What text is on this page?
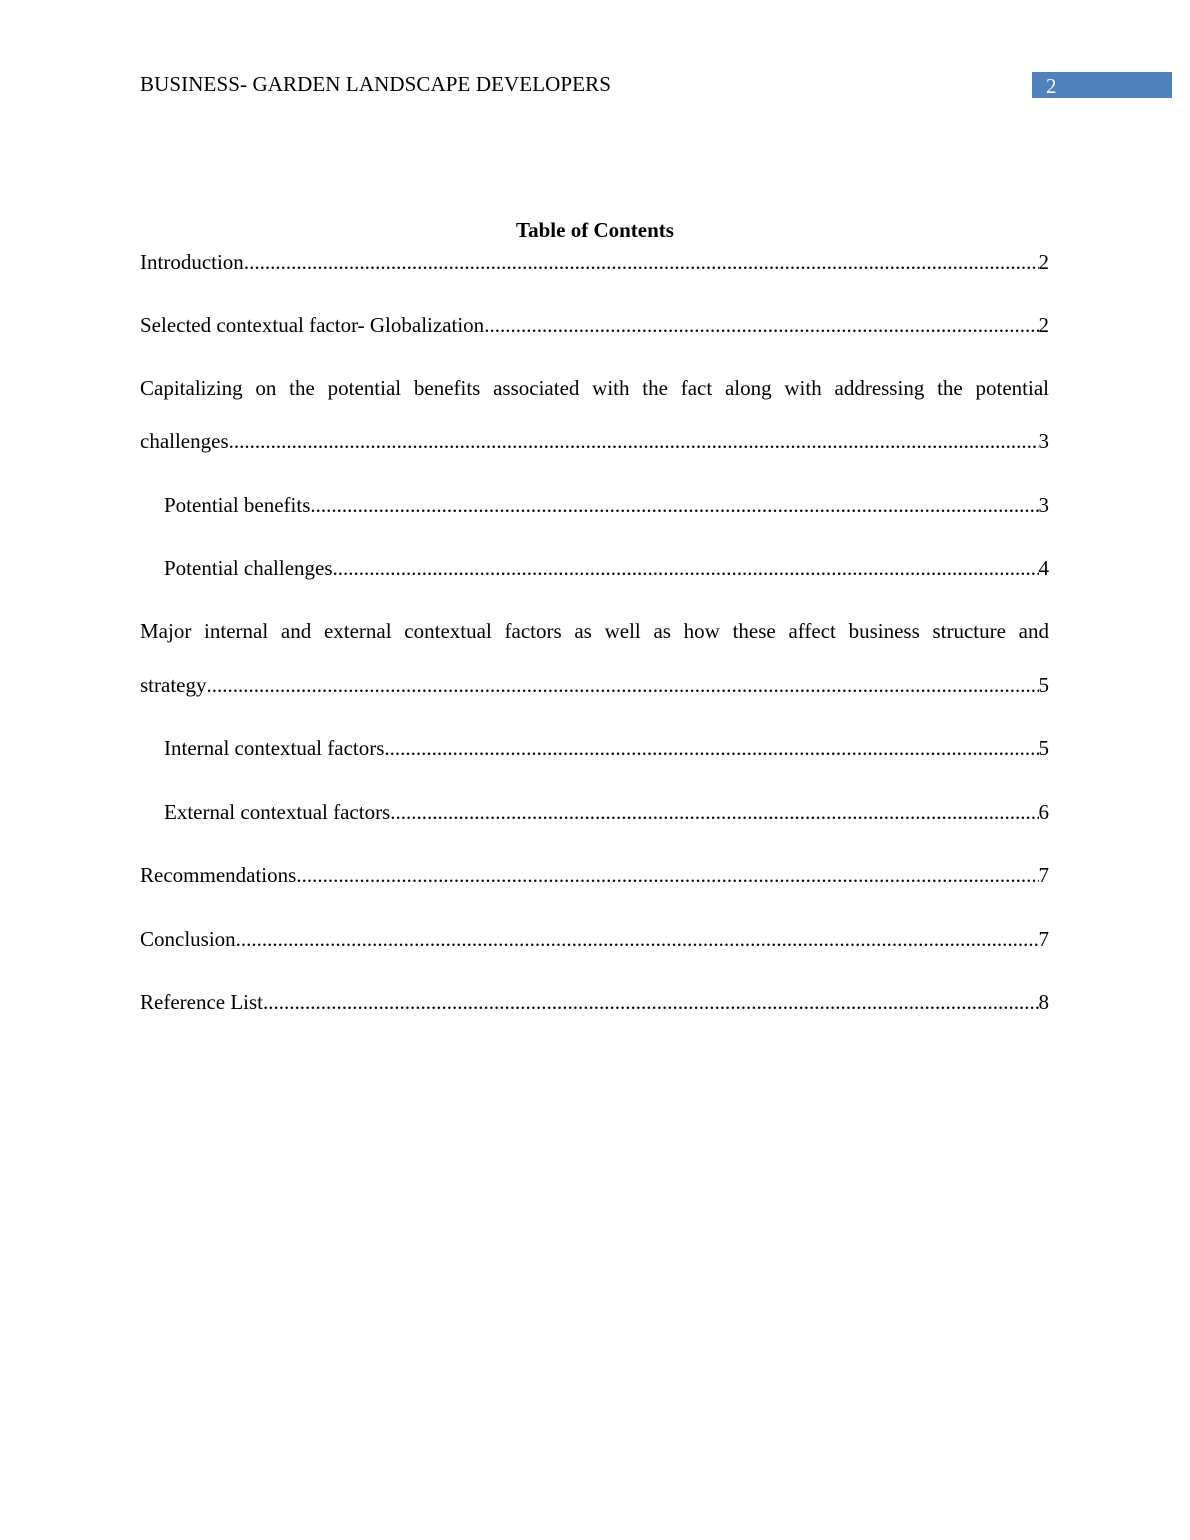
BUSINESS- GARDEN LANDSCAPE DEVELOPERS	2
Table of Contents
Introduction .....	2
Selected contextual factor- Globalization .....	2
Capitalizing on the potential benefits associated with the fact along with addressing the potential
challenges .....	3
Potential benefits .....	3
Potential challenges .....	4
Major internal and external contextual factors as well as how these affect business structure and
strategy .....	5
Internal contextual factors .....	5
External contextual factors .....	6
Recommendations .....	7
Conclusion .....	7
Reference List .....	8
